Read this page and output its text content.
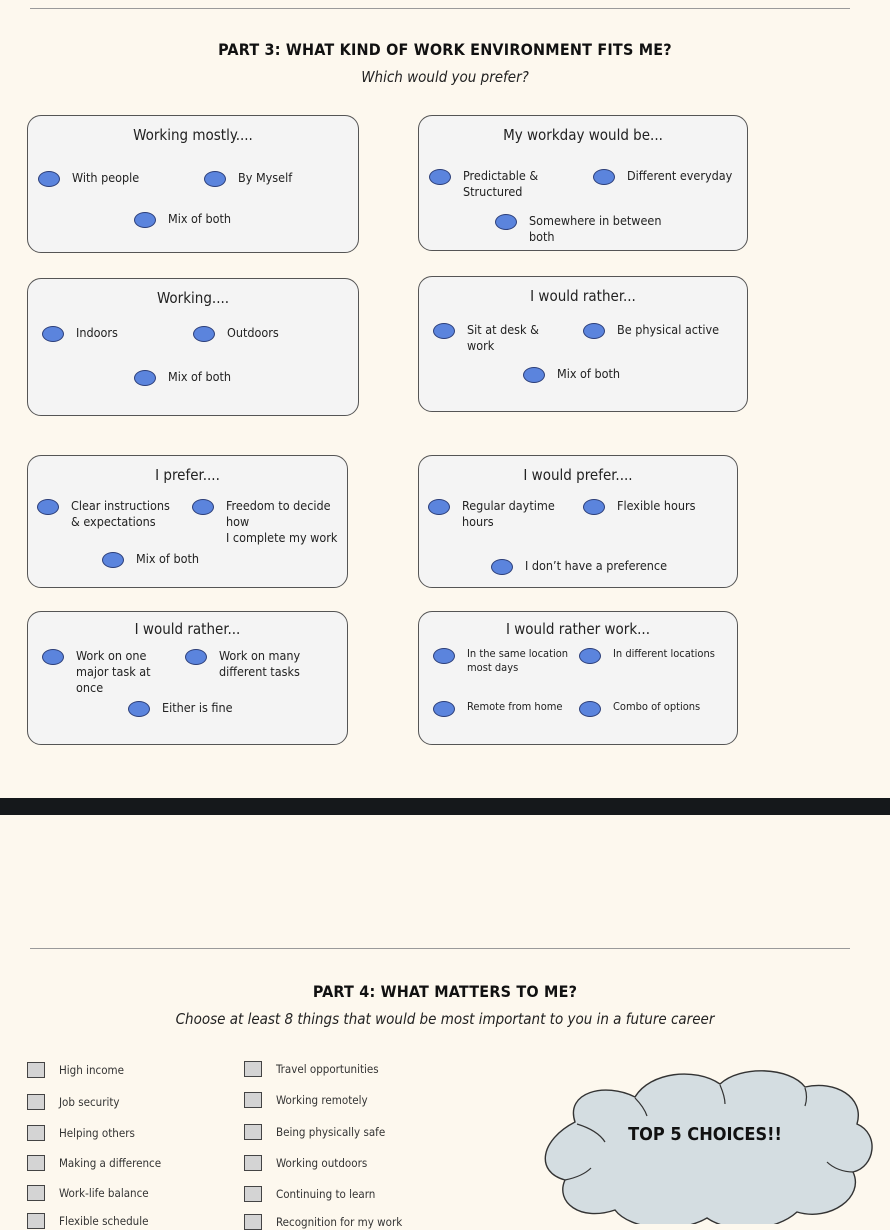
PART 3: WHAT KIND OF WORK ENVIRONMENT FITS ME?
Which would you prefer?
Working mostly....
With people	By Myself
Mix of both
My workday would be...
Predictable &
Structured
Different everyday
Somewhere in between
both
Working....
Indoors	Outdoors
Mix of both
I would rather...
Sit at desk &
work
Be physical active
Mix of both
I prefer....
Clear instructions
& expectations
Freedom to decide how
I complete my work
Mix of both
I would prefer....
Regular daytime
hours
Flexible hours
I don’t have a preference
I would rather...
Work on one
major task at
once
Work on many
different tasks
Either is fine
I would rather work...
In the same location
most days
In different locations
Remote from home	Combo of options
PART 4: WHAT MATTERS TO ME?
Choose at least 8 things that would be most important to you in a future career
High income
Job security
Helping others
Making a difference
Work-life balance
Flexible schedule
Travel opportunities
Working remotely
Being physically safe
Working outdoors
Continuing to learn
Recognition for my work
TOP 5 CHOICES!!
